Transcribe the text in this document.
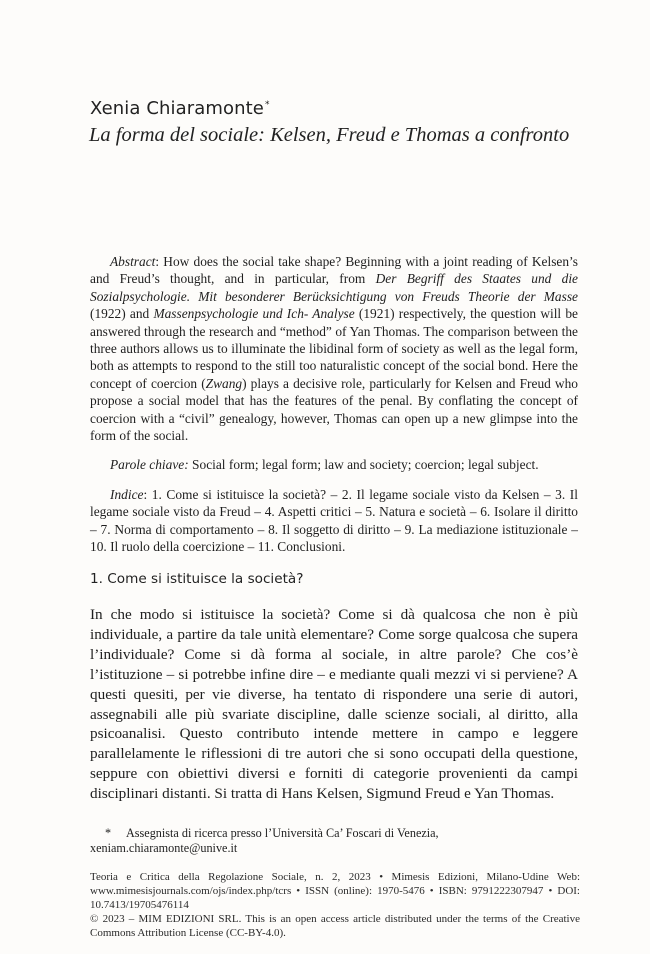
Xenia Chiaramonte*
La forma del sociale: Kelsen, Freud e Thomas a confronto

Abstract: How does the social take shape? Beginning with a joint reading of Kelsen’s and Freud’s thought, and in particular, from Der Begriff des Staates und die Sozialpsychologie. Mit besonderer Berücksichtigung von Freuds Theorie der Masse (1922) and Massenpsychologie und Ich- Analyse (1921) respectively, the question will be answered through the research and “method” of Yan Thomas. The comparison between the three authors allows us to illuminate the libidinal form of society as well as the legal form, both as attempts to respond to the still too naturalistic concept of the social bond. Here the concept of coercion (Zwang) plays a decisive role, particularly for Kelsen and Freud who propose a social model that has the features of the penal. By conflating the concept of coercion with a “civil” genealogy, however, Thomas can open up a new glimpse into the form of the social.

Parole chiave: Social form; legal form; law and society; coercion; legal subject.

Indice: 1. Come si istituisce la società? – 2. Il legame sociale visto da Kelsen – 3. Il legame sociale visto da Freud – 4. Aspetti critici – 5. Natura e società – 6. Isolare il diritto – 7. Norma di comportamento – 8. Il soggetto di diritto – 9. La mediazione istituzionale – 10. Il ruolo della coercizione – 11. Conclusioni.

1. Come si istituisce la società?

In che modo si istituisce la società? Come si dà qualcosa che non è più individuale, a partire da tale unità elementare? Come sorge qualcosa che supera l’individuale? Come si dà forma al sociale, in altre parole? Che cos’è l’istituzione – si potrebbe infine dire – e mediante quali mezzi vi si perviene? A questi quesiti, per vie diverse, ha tentato di rispondere una serie di autori, assegnabili alle più svariate discipline, dalle scienze sociali, al diritto, alla psicoanalisi. Questo contributo intende mettere in campo e leggere parallelamente le riflessioni di tre autori che si sono occupati della questione, seppure con obiettivi diversi e forniti di categorie provenienti da campi disciplinari distanti. Si tratta di Hans Kelsen, Sigmund Freud e Yan Thomas.

* Assegnista di ricerca presso l’Università Ca’ Foscari di Venezia, xeniam.chiaramonte@unive.it

Teoria e Critica della Regolazione Sociale, n. 2, 2023 • Mimesis Edizioni, Milano-Udine Web: www.mimesisjournals.com/ojs/index.php/tcrs • ISSN (online): 1970-5476 • ISBN: 9791222307947 • DOI: 10.7413/19705476114

© 2023 – MIM EDIZIONI SRL. This is an open access article distributed under the terms of the Creative Commons Attribution License (CC-BY-4.0).
